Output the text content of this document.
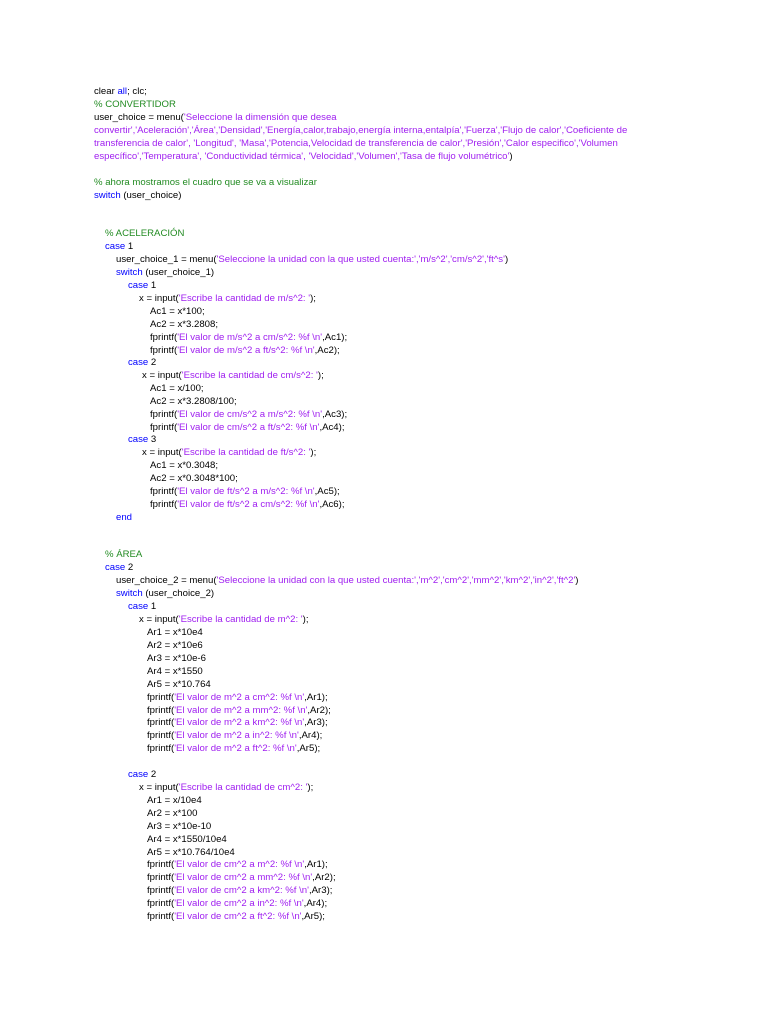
clear all; clc;
% CONVERTIDOR
user_choice = menu('Seleccione la dimensión que desea
convertir','Aceleración','Área','Densidad','Energía,calor,trabajo,energía interna,entalpía','Fuerza','Flujo de calor','Coeficiente de
transferencia de calor', 'Longitud', 'Masa','Potencia,Velocidad de transferencia de calor','Presión','Calor especifico','Volumen
específico','Temperatura', 'Conductividad térmica', 'Velocidad','Volumen','Tasa de flujo volumétrico')
% ahora mostramos el cuadro que se va a visualizar
switch (user_choice)
% ACELERACIÓN
case 1
user_choice_1 = menu('Seleccione la unidad con la que usted cuenta:','m/s^2','cm/s^2','ft^s')
switch (user_choice_1)
case 1
x = input('Escribe la cantidad de m/s^2: ');
Ac1 = x*100;
Ac2 = x*3.2808;
fprintf('El valor de m/s^2 a cm/s^2: %f \n',Ac1);
fprintf('El valor de m/s^2 a ft/s^2: %f \n',Ac2);
case 2
x = input('Escribe la cantidad de cm/s^2: ');
Ac1 = x/100;
Ac2 = x*3.2808/100;
fprintf('El valor de cm/s^2 a m/s^2: %f \n',Ac3);
fprintf('El valor de cm/s^2 a ft/s^2: %f \n',Ac4);
case 3
x = input('Escribe la cantidad de ft/s^2: ');
Ac1 = x*0.3048;
Ac2 = x*0.3048*100;
fprintf('El valor de ft/s^2 a m/s^2: %f \n',Ac5);
fprintf('El valor de ft/s^2 a cm/s^2: %f \n',Ac6);
end
% ÁREA
case 2
user_choice_2 = menu('Seleccione la unidad con la que usted cuenta:','m^2','cm^2','mm^2','km^2','in^2','ft^2')
switch (user_choice_2)
case 1
x = input('Escribe la cantidad de m^2: ');
Ar1 = x*10e4
Ar2 = x*10e6
Ar3 = x*10e-6
Ar4 = x*1550
Ar5 = x*10.764
fprintf('El valor de m^2 a cm^2: %f \n',Ar1);
fprintf('El valor de m^2 a mm^2: %f \n',Ar2);
fprintf('El valor de m^2 a km^2: %f \n',Ar3);
fprintf('El valor de m^2 a in^2: %f \n',Ar4);
fprintf('El valor de m^2 a ft^2: %f \n',Ar5);
case 2
x = input('Escribe la cantidad de cm^2: ');
Ar1 = x/10e4
Ar2 = x*100
Ar3 = x*10e-10
Ar4 = x*1550/10e4
Ar5 = x*10.764/10e4
fprintf('El valor de cm^2 a m^2: %f \n',Ar1);
fprintf('El valor de cm^2 a mm^2: %f \n',Ar2);
fprintf('El valor de cm^2 a km^2: %f \n',Ar3);
fprintf('El valor de cm^2 a in^2: %f \n',Ar4);
fprintf('El valor de cm^2 a ft^2: %f \n',Ar5);
